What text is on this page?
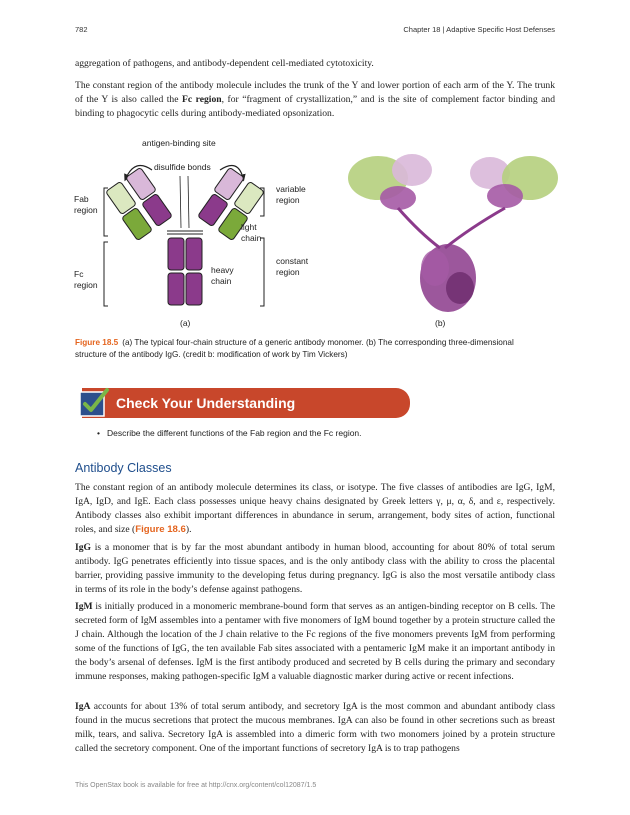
782	Chapter 18 | Adaptive Specific Host Defenses

aggregation of pathogens, and antibody-dependent cell-mediated cytotoxicity.

The constant region of the antibody molecule includes the trunk of the Y and lower portion of each arm of the Y. The trunk of the Y is also called the Fc region, for “fragment of crystallization,” and is the site of complement factor binding and binding to phagocytic cells during antibody-mediated opsonization.

antigen-binding site
disulfide bonds
Fab
region
Fc
region
variable
region
light
chain
heavy
chain
constant
region
(a)	(b)

Figure 18.5 (a) The typical four-chain structure of a generic antibody monomer. (b) The corresponding three-dimensional structure of the antibody IgG. (credit b: modification of work by Tim Vickers)

Check Your Understanding
• Describe the different functions of the Fab region and the Fc region.
Antibody Classes

The constant region of an antibody molecule determines its class, or isotype. The five classes of antibodies are IgG, IgM, IgA, IgD, and IgE. Each class possesses unique heavy chains designated by Greek letters γ, μ, α, δ, and ε, respectively. Antibody classes also exhibit important differences in abundance in serum, arrangement, body sites of action, functional roles, and size (Figure 18.6).

IgG is a monomer that is by far the most abundant antibody in human blood, accounting for about 80% of total serum antibody. IgG penetrates efficiently into tissue spaces, and is the only antibody class with the ability to cross the placental barrier, providing passive immunity to the developing fetus during pregnancy. IgG is also the most versatile antibody class in terms of its role in the body’s defense against pathogens.

IgM is initially produced in a monomeric membrane-bound form that serves as an antigen-binding receptor on B cells. The secreted form of IgM assembles into a pentamer with five monomers of IgM bound together by a protein structure called the J chain. Although the location of the J chain relative to the Fc regions of the five monomers prevents IgM from performing some of the functions of IgG, the ten available Fab sites associated with a pentameric IgM make it an important antibody in the body’s arsenal of defenses. IgM is the first antibody produced and secreted by B cells during the primary and secondary immune responses, making pathogen-specific IgM a valuable diagnostic marker during active or recent infections.

IgA accounts for about 13% of total serum antibody, and secretory IgA is the most common and abundant antibody class found in the mucus secretions that protect the mucous membranes. IgA can also be found in other secretions such as breast milk, tears, and saliva. Secretory IgA is assembled into a dimeric form with two monomers joined by a protein structure called the secretory component. One of the important functions of secretory IgA is to trap pathogens

This OpenStax book is available for free at http://cnx.org/content/col12087/1.5
